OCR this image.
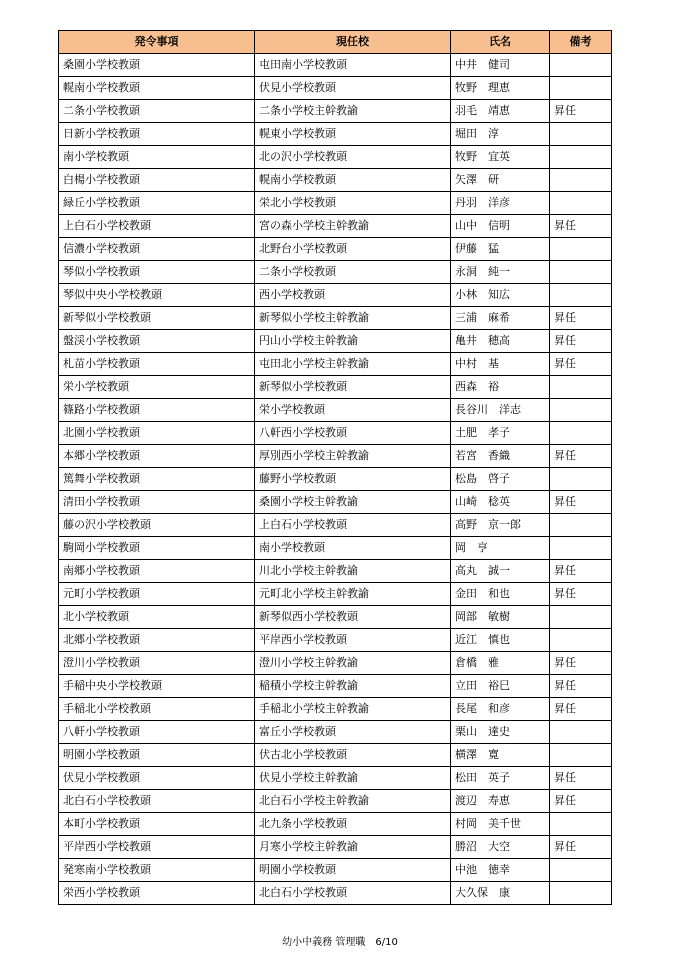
発令事項	現任校	氏名	備考
桑園小学校教頭	屯田南小学校教頭	中井　健司	
幌南小学校教頭	伏見小学校教頭	牧野　理恵	
二条小学校教頭	二条小学校主幹教諭	羽毛　靖恵	昇任
日新小学校教頭	幌東小学校教頭	堀田　淳	
南小学校教頭	北の沢小学校教頭	牧野　宜英	
白楊小学校教頭	幌南小学校教頭	矢澤　研	
緑丘小学校教頭	栄北小学校教頭	丹羽　洋彦	
上白石小学校教頭	宮の森小学校主幹教諭	山中　信明	昇任
信濃小学校教頭	北野台小学校教頭	伊藤　猛	
琴似小学校教頭	二条小学校教頭	永洞　純一	
琴似中央小学校教頭	西小学校教頭	小林　知広	
新琴似小学校教頭	新琴似小学校主幹教諭	三浦　麻希	昇任
盤渓小学校教頭	円山小学校主幹教諭	亀井　穂高	昇任
札苗小学校教頭	屯田北小学校主幹教諭	中村　基	昇任
栄小学校教頭	新琴似小学校教頭	西森　裕	
篠路小学校教頭	栄小学校教頭	長谷川　洋志	
北園小学校教頭	八軒西小学校教頭	土肥　孝子	
本郷小学校教頭	厚別西小学校主幹教諭	若宮　香織	昇任
篤舞小学校教頭	藤野小学校教頭	松島　啓子	
清田小学校教頭	桑園小学校主幹教諭	山崎　稔英	昇任
藤の沢小学校教頭	上白石小学校教頭	高野　京一郎	
駒岡小学校教頭	南小学校教頭	岡　亨	
南郷小学校教頭	川北小学校主幹教諭	高丸　誠一	昇任
元町小学校教頭	元町北小学校主幹教諭	金田　和也	昇任
北小学校教頭	新琴似西小学校教頭	岡部　敏樹	
北郷小学校教頭	平岸西小学校教頭	近江　慎也	
澄川小学校教頭	澄川小学校主幹教諭	倉橋　雅	昇任
手稲中央小学校教頭	稲積小学校主幹教諭	立田　裕巳	昇任
手稲北小学校教頭	手稲北小学校主幹教諭	長尾　和彦	昇任
八軒小学校教頭	富丘小学校教頭	栗山　達史	
明園小学校教頭	伏古北小学校教頭	横澤　寛	
伏見小学校教頭	伏見小学校主幹教諭	松田　英子	昇任
北白石小学校教頭	北白石小学校主幹教諭	渡辺　寿恵	昇任
本町小学校教頭	北九条小学校教頭	村岡　美千世	
平岸西小学校教頭	月寒小学校主幹教諭	勝沼　大空	昇任
発寒南小学校教頭	明園小学校教頭	中池　徳幸	
栄西小学校教頭	北白石小学校教頭	大久保　康	
幼小中義務 管理職　6/10
